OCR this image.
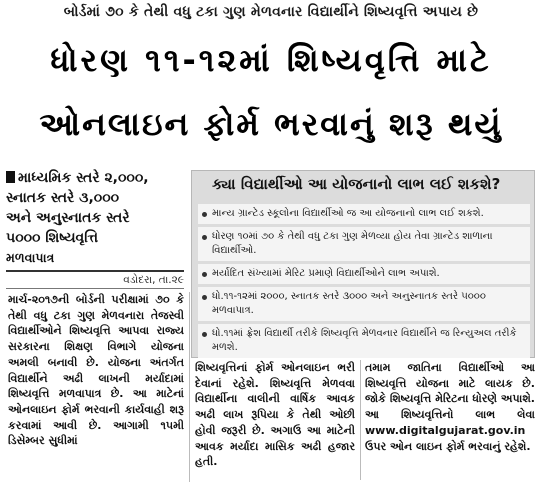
બોર્ડમાં ૭૦ કે તેથી વધુ ટકા ગુણ મેળવનાર વિદ્યાર્થીને શિષ્યવૃત્તિ અપાય છે
ધોરણ ૧૧-૧૨માં શિષ્યવૃત્તિ માટે
ઓનલાઇન ફોર્મ ભરવાનું શરૂ થયું
માધ્યમિક સ્તરે ૨,૦૦૦,
સ્નાતક સ્તરે ૩,૦૦૦
અને અનુસ્નાતક સ્તરે
૫૦૦૦ શિષ્યવૃત્તિ
મળવાપાત્ર
વડોદરા, તા.૨૯
ક્યા વિદ્યાર્થીઓ આ યોજનાનો લાભ લઈ શકશે?
માન્ય ગ્રાન્ટેડ સ્કૂલોના વિદ્યાર્થીઓ જ આ યોજનાનો લાભ લઈ શકશે.
ધોરણ ૧૦માં ૭૦ કે તેથી વધુ ટકા ગુણ મેળવ્યા હોય તેવા ગ્રાન્ટેડ શાળાના વિદ્યાર્થીઓ.
મર્યાદિત સંખ્યામાં મેરિટ પ્રમાણે વિદ્યાર્થીઓને લાભ અપાશે.
ધો.૧૧-૧૨માં ૨૦૦૦, સ્નાતક સ્તરે ૩૦૦૦ અને અનુસ્નાતક સ્તરે ૫૦૦૦ મળવાપાત્ર.
ધો.૧૧માં ફ્રેશ વિદ્યાર્થી તરીકે શિષ્યવૃત્તિ મેળવનાર વિદ્યાર્થીને જ રિન્યુઅલ તરીકે મળશે.
માર્ચ-૨૦૧૭ની બોર્ડની પરીક્ષામાં ૭૦ કે તેથી વધુ ટકા ગુણ મેળવનારા તેજસ્વી વિદ્યાર્થીઓને શિષ્યવૃત્તિ આપવા રાજ્ય સરકારના શિક્ષણ વિભાગે યોજના અમલી બનાવી છે. યોજના અંતર્ગત વિદ્યાર્થીને અઢી લાખની મર્યાદામાં શિષ્યવૃત્તિ મળવાપાત્ર છે. આ માટેનાં ઓનલાઇન ફોર્મ ભરવાની કાર્યવાહી શરૂ કરવામાં આવી છે. આગામી ૧૫મી ડિસેમ્બર સુધીમાં
શિષ્યવૃત્તિનાં ફોર્મ ઓનલાઇન ભરી દેવાનાં રહેશે. શિષ્યવૃત્તિ મેળવવા વિદ્યાર્થીના વાલીની વાર્ષિક આવક અઢી લાખ રૂપિયા કે તેથી ઓછી હોવી જરૂરી છે. અગાઉ આ માટેની આવક મર્યાદા માસિક અઢી હજાર હતી.
તમામ જાતિના વિદ્યાર્થીઓ આ શિષ્યવૃત્તિ યોજના માટે લાયક છે. જોકે શિષ્યવૃત્તિ મેરિટના ધોરણે અપાશે. આ શિષ્યવૃત્તિનો લાભ લેવા www.digitalgujarat.gov.in ઉપર ઓન લાઇન ફોર્મ ભરવાનું રહેશે.
